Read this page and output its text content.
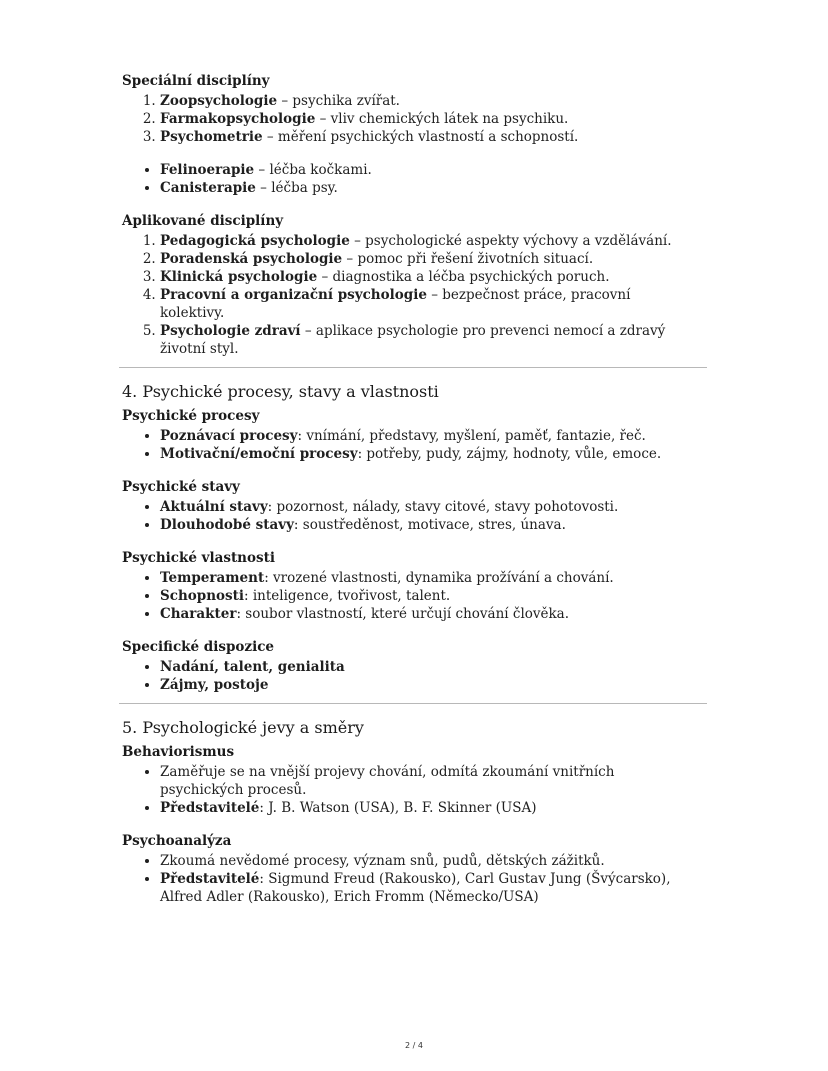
Speciální disciplíny
1. Zoopsychologie – psychika zvířat.
2. Farmakopsychologie – vliv chemických látek na psychiku.
3. Psychometrie – měření psychických vlastností a schopností.
• Felinoerapie – léčba kočkami.
• Canisterapie – léčba psy.
Aplikované disciplíny
1. Pedagogická psychologie – psychologické aspekty výchovy a vzdělávání.
2. Poradenská psychologie – pomoc při řešení životních situací.
3. Klinická psychologie – diagnostika a léčba psychických poruch.
4. Pracovní a organizační psychologie – bezpečnost práce, pracovní kolektivy.
5. Psychologie zdraví – aplikace psychologie pro prevenci nemocí a zdravý životní styl.
4. Psychické procesy, stavy a vlastnosti
Psychické procesy
• Poznávací procesy: vnímání, představy, myšlení, paměť, fantazie, řeč.
• Motivační/emoční procesy: potřeby, pudy, zájmy, hodnoty, vůle, emoce.
Psychické stavy
• Aktuální stavy: pozornost, nálady, stavy citové, stavy pohotovosti.
• Dlouhodobé stavy: soustředěnost, motivace, stres, únava.
Psychické vlastnosti
• Temperament: vrozené vlastnosti, dynamika prožívání a chování.
• Schopnosti: inteligence, tvořivost, talent.
• Charakter: soubor vlastností, které určují chování člověka.
Specifické dispozice
• Nadání, talent, genialita
• Zájmy, postoje
5. Psychologické jevy a směry
Behaviorismus
• Zaměřuje se na vnější projevy chování, odmítá zkoumání vnitřních psychických procesů.
• Představitelé: J. B. Watson (USA), B. F. Skinner (USA)
Psychoanalýza
• Zkoumá nevědomé procesy, význam snů, pudů, dětských zážitků.
• Představitelé: Sigmund Freud (Rakousko), Carl Gustav Jung (Švýcarsko), Alfred Adler (Rakousko), Erich Fromm (Německo/USA)
2 / 4
